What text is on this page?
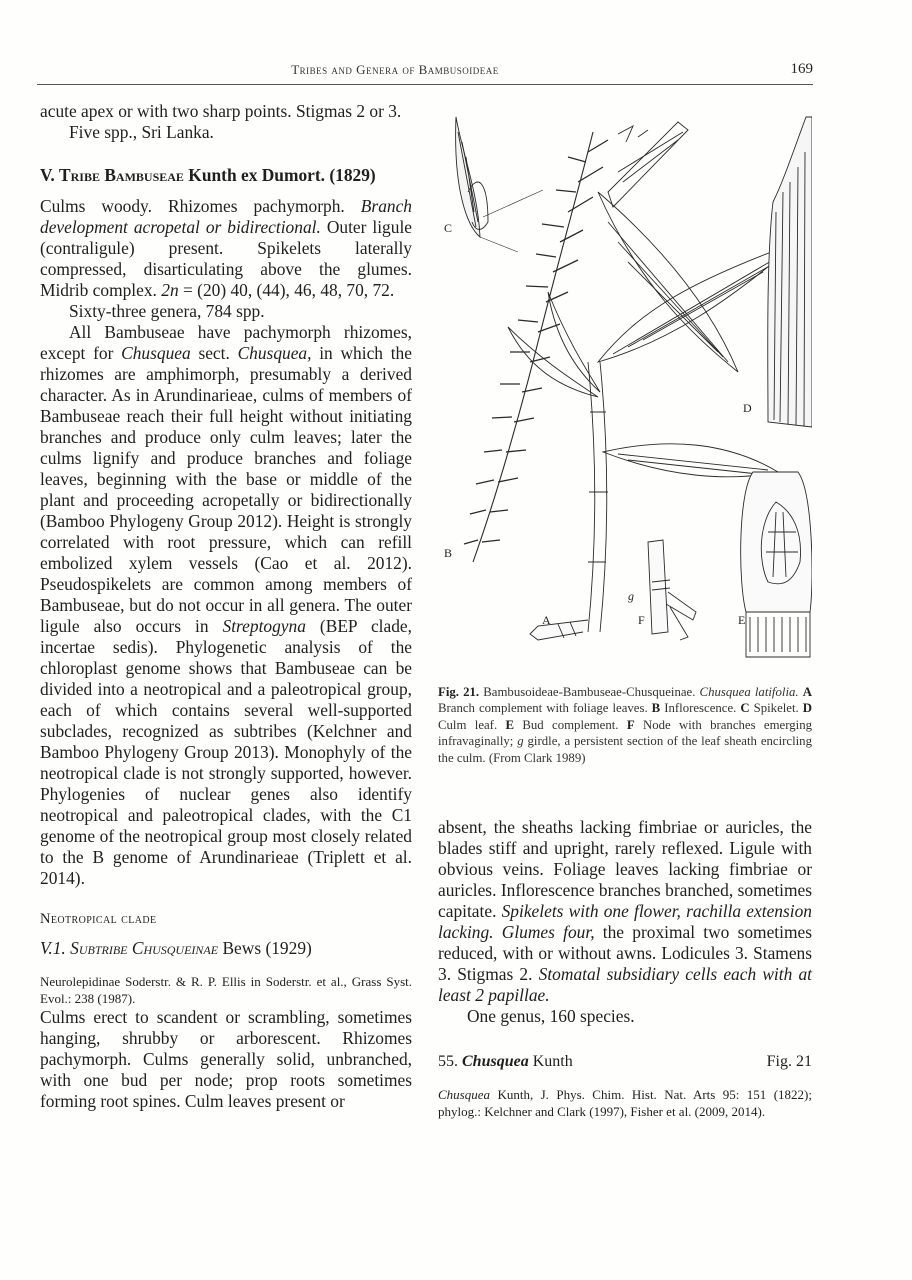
Tribes and Genera of Bambusoideae	169

acute apex or with two sharp points. Stigmas 2 or 3.

Five spp., Sri Lanka.

V. Tribe Bambuseae Kunth ex Dumort. (1829)

Culms woody. Rhizomes pachymorph. Branch development acropetal or bidirectional. Outer ligule (contraligule) present. Spikelets laterally compressed, disarticulating above the glumes. Midrib complex. 2n = (20) 40, (44), 46, 48, 70, 72.

Sixty-three genera, 784 spp.

All Bambuseae have pachymorph rhizomes, except for Chusquea sect. Chusquea, in which the rhizomes are amphimorph, presumably a derived character. As in Arundinarieae, culms of members of Bambuseae reach their full height without initiating branches and produce only culm leaves; later the culms lignify and produce branches and foliage leaves, beginning with the base or middle of the plant and proceeding acropetally or bidirectionally (Bamboo Phylogeny Group 2012). Height is strongly correlated with root pressure, which can refill embolized xylem vessels (Cao et al. 2012). Pseudospikelets are common among members of Bambuseae, but do not occur in all genera. The outer ligule also occurs in Streptogyna (BEP clade, incertae sedis). Phylogenetic analysis of the chloroplast genome shows that Bambuseae can be divided into a neotropical and a paleotropical group, each of which contains several well-supported subclades, recognized as subtribes (Kelchner and Bamboo Phylogeny Group 2013). Monophyly of the neotropical clade is not strongly supported, however. Phylogenies of nuclear genes also identify neotropical and paleotropical clades, with the C1 genome of the neotropical group most closely related to the B genome of Arundinarieae (Triplett et al. 2014).

Neotropical clade
V.1. Subtribe Chusqueinae Bews (1929)

Neurolepidinae Soderstr. & R. P. Ellis in Soderstr. et al., Grass Syst. Evol.: 238 (1987).

Culms erect to scandent or scrambling, sometimes hanging, shrubby or arborescent. Rhizomes pachymorph. Culms generally solid, unbranched, with one bud per node; prop roots sometimes forming root spines. Culm leaves present or

C
B
A
D
E
F
g
Fig. 21. Bambusoideae-Bambuseae-Chusqueinae. Chusquea latifolia. A Branch complement with foliage leaves. B Inflorescence. C Spikelet. D Culm leaf. E Bud complement. F Node with branches emerging infravaginally; g girdle, a persistent section of the leaf sheath encircling the culm. (From Clark 1989)

absent, the sheaths lacking fimbriae or auricles, the blades stiff and upright, rarely reflexed. Ligule with obvious veins. Foliage leaves lacking fimbriae or auricles. Inflorescence branches branched, sometimes capitate. Spikelets with one flower, rachilla extension lacking. Glumes four, the proximal two sometimes reduced, with or without awns. Lodicules 3. Stamens 3. Stigmas 2. Stomatal subsidiary cells each with at least 2 papillae.

One genus, 160 species.

55. Chusquea Kunth	Fig. 21

Chusquea Kunth, J. Phys. Chim. Hist. Nat. Arts 95: 151 (1822); phylog.: Kelchner and Clark (1997), Fisher et al. (2009, 2014).
